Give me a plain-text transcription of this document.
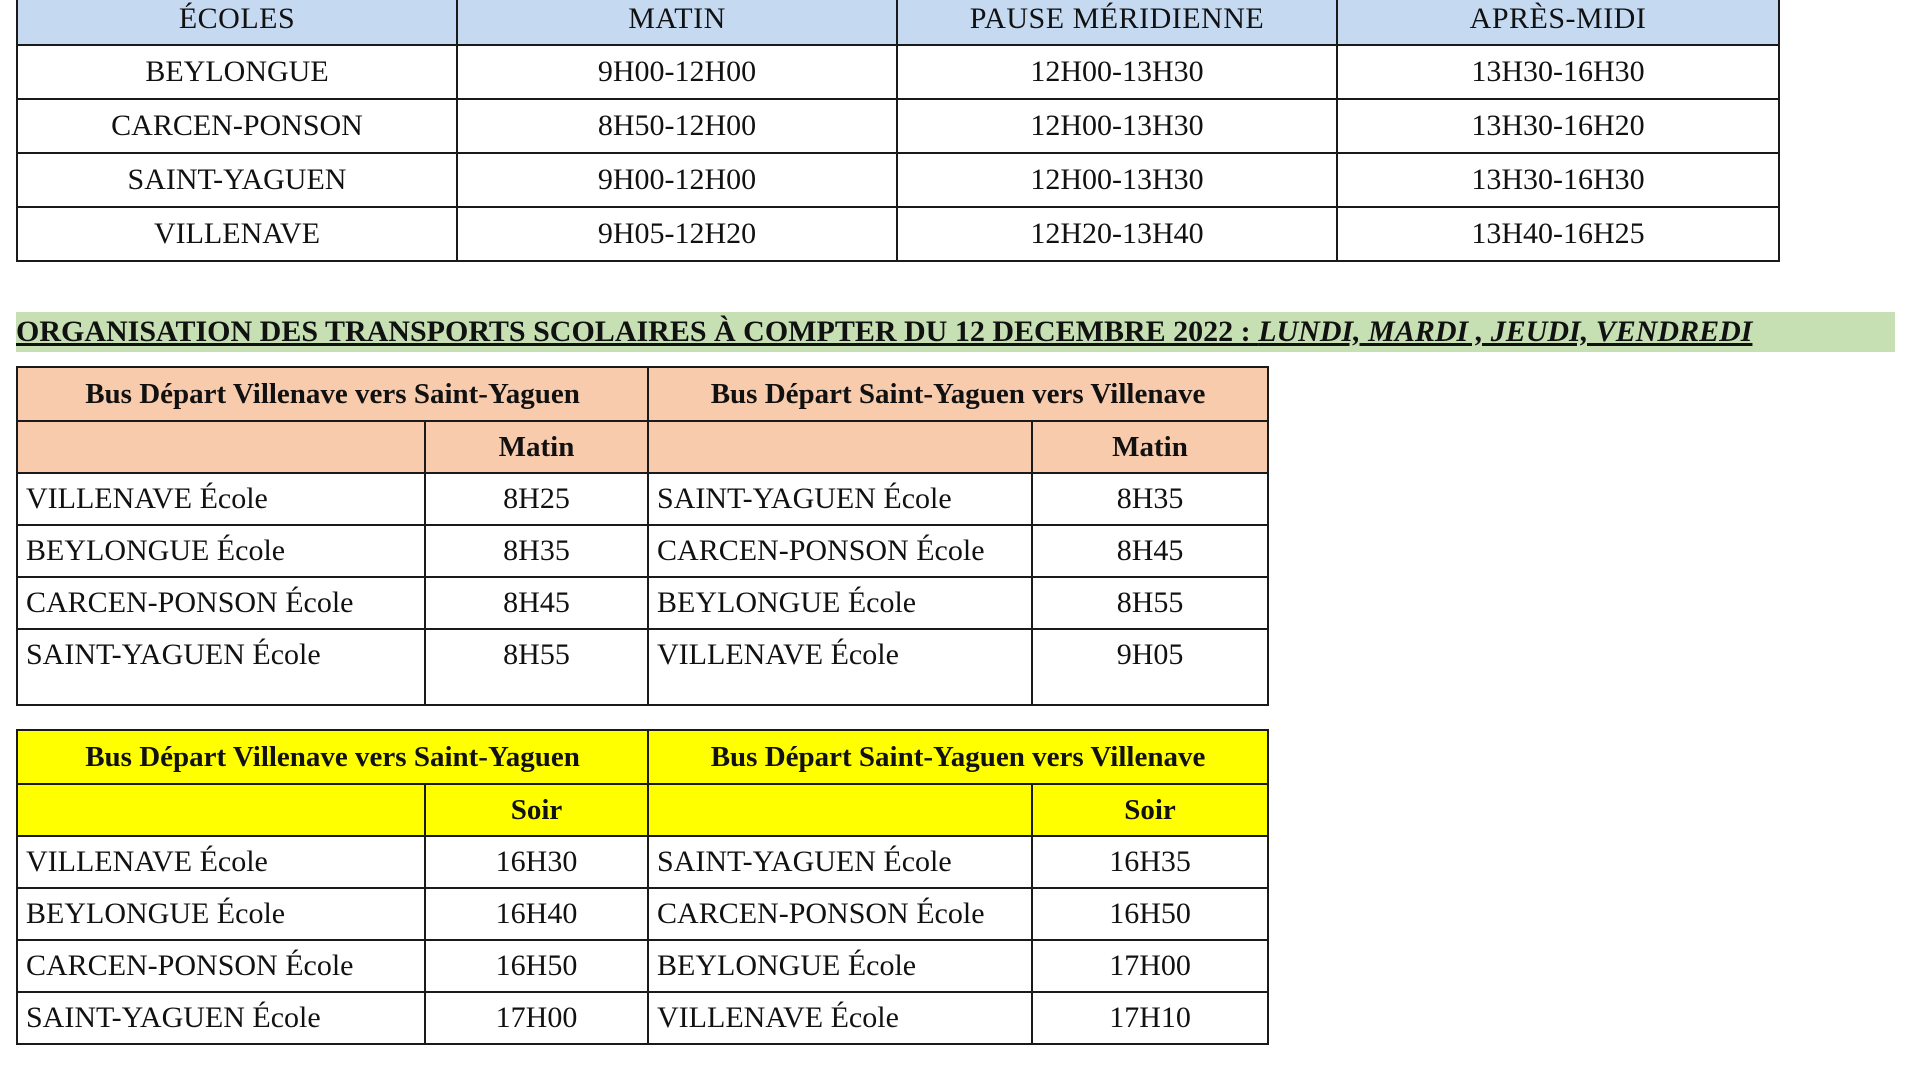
ÉCOLES	MATIN	PAUSE MÉRIDIENNE	APRÈS-MIDI
BEYLONGUE	9H00-12H00	12H00-13H30	13H30-16H30
CARCEN-PONSON	8H50-12H00	12H00-13H30	13H30-16H20
SAINT-YAGUEN	9H00-12H00	12H00-13H30	13H30-16H30
VILLENAVE	9H05-12H20	12H20-13H40	13H40-16H25
ORGANISATION DES TRANSPORTS SCOLAIRES À COMPTER DU 12 DECEMBRE 2022 : LUNDI, MARDI , JEUDI, VENDREDI
Bus Départ Villenave vers Saint-Yaguen		Bus Départ Saint-Yaguen vers Villenave	
	Matin		Matin
VILLENAVE École	8H25	SAINT-YAGUEN École	8H35
BEYLONGUE École	8H35	CARCEN-PONSON École	8H45
CARCEN-PONSON École	8H45	BEYLONGUE École	8H55
SAINT-YAGUEN École	8H55	VILLENAVE École	9H05
Bus Départ Villenave vers Saint-Yaguen		Bus Départ Saint-Yaguen vers Villenave	
	Soir		Soir
VILLENAVE École	16H30	SAINT-YAGUEN École	16H35
BEYLONGUE École	16H40	CARCEN-PONSON École	16H50
CARCEN-PONSON École	16H50	BEYLONGUE École	17H00
SAINT-YAGUEN École	17H00	VILLENAVE École	17H10
